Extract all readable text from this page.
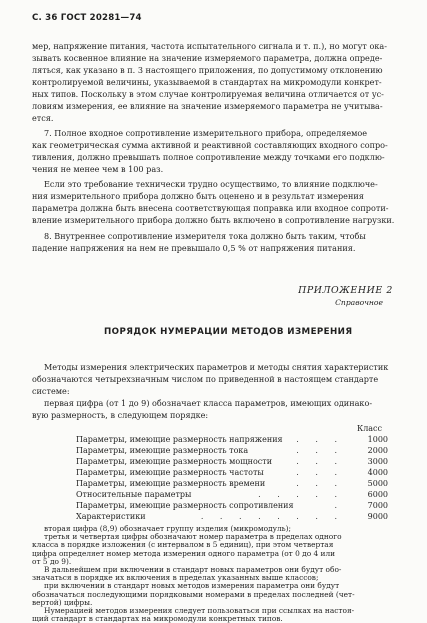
С. 36 ГОСТ 20281—74
мер, напряжение питания, частота испытательного сигнала и т. п.), но могут ока-
зывать косвенное влияние на значение измеряемого параметра, должна опреде-
ляться, как указано в п. 3 настоящего приложения, по допустимому отклонению
контролируемой величины, указываемой в стандартах на микромодули конкрет-
ных типов. Поскольку в этом случае контролируемая величина отличается от ус-
ловиям измерения, ее влияние на значение измеряемого параметра не учитыва-
ется.
7. Полное входное сопротивление измерительного прибора, определяемое
как геометрическая сумма активной и реактивной составляющих входного сопро-
тивления, должно превышать полное сопротивление между точками его подклю-
чения не менее чем в 100 раз.
Если это требование технически трудно осуществимо, то влияние подключе-
ния измерительного прибора должно быть оценено и в результат измерения
параметра должна быть внесена соответствующая поправка или входное сопроти-
вление измерительного прибора должно быть включено в сопротивление нагрузки.
8. Внутреннее сопротивление измерителя тока должно быть таким, чтобы
падение напряжения на нем не превышало 0,5 % от напряжения питания.
ПРИЛОЖЕНИЕ 2
Справочное
ПОРЯДОК НУМЕРАЦИИ МЕТОДОВ ИЗМЕРЕНИЯ
Методы измерения электрических параметров и методы снятия характеристик
обозначаются четырехзначным числом по приведенной в настоящем стандарте
системе:
первая цифра (от 1 до 9) обозначает класса параметров, имеющих одинако-
вую размерность, в следующем порядке:
Класс
Параметры, имеющие размерность напряжения . . .	1000
Параметры, имеющие размерность тока	. . .	2000
Параметры, имеющие размерность мощности	. . .	3000
Параметры, имеющие размерность частоты	. . .	4000
Параметры, имеющие размерность времени	. . .	5000
Относительные параметры	. . . . .	6000
Параметры, имеющие размерность сопротивления	.	7000
Характеристики	. . . . . . . .	9000
вторая цифра (8,9) обозначает группу изделия (микромодуль);
третья и четвертая цифры обозначают номер параметра в пределах одного
класса в порядке изложения (с интервалом в 5 единиц), при этом четвертая
цифра определяет номер метода измерения одного параметра (от 0 до 4 или
от 5 до 9).
В дальнейшем при включении в стандарт новых параметров они будут обо-
значаться в порядке их включения в пределах указанных выше классов;
при включении в стандарт новых методов измерения параметра они будут
обозначаться последующими порядковыми номерами в пределах последней (чет-
вертой) цифры.
Нумерацией методов измерения следует пользоваться при ссылках на настоя-
щий стандарт в стандартах на микромодули конкретных типов.
